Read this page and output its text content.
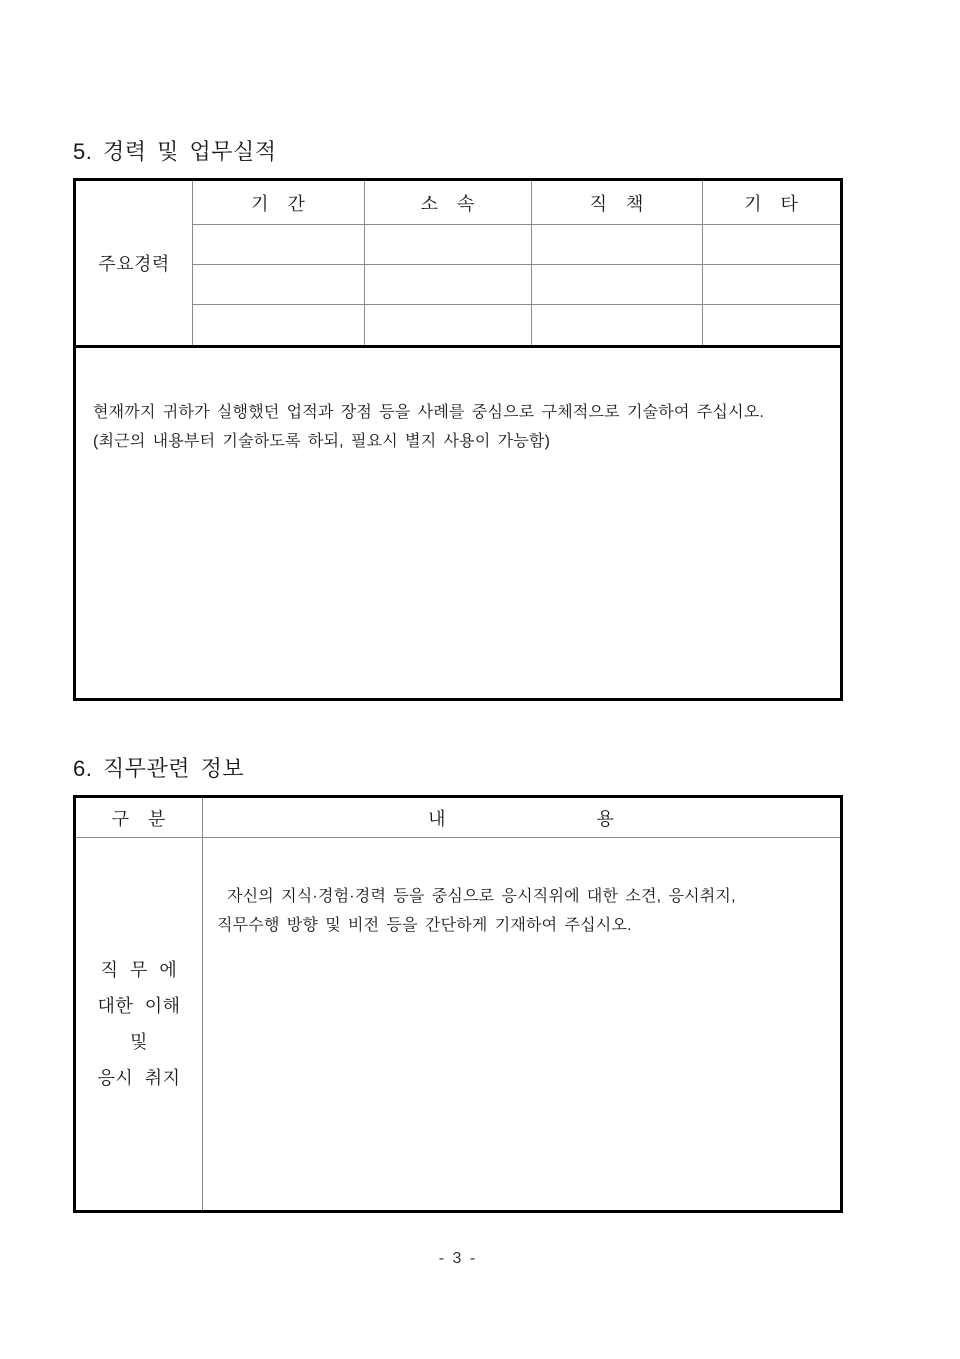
5. 경력 및 업무실적
주요경력
기 간	소 속	직 책	기 타
현재까지 귀하가 실행했던 업적과 장점 등을 사례를 중심으로 구체적으로 기술하여 주십시오.
(최근의 내용부터 기술하도록 하되, 필요시 별지 사용이 가능함)
6. 직무관련 정보
구 분	내	용
직 무 에
대한 이해
및
응시 취지
자신의 지식·경험·경력 등을 중심으로 응시직위에 대한 소견, 응시취지,
직무수행 방향 및 비전 등을 간단하게 기재하여 주십시오.
- 3 -
